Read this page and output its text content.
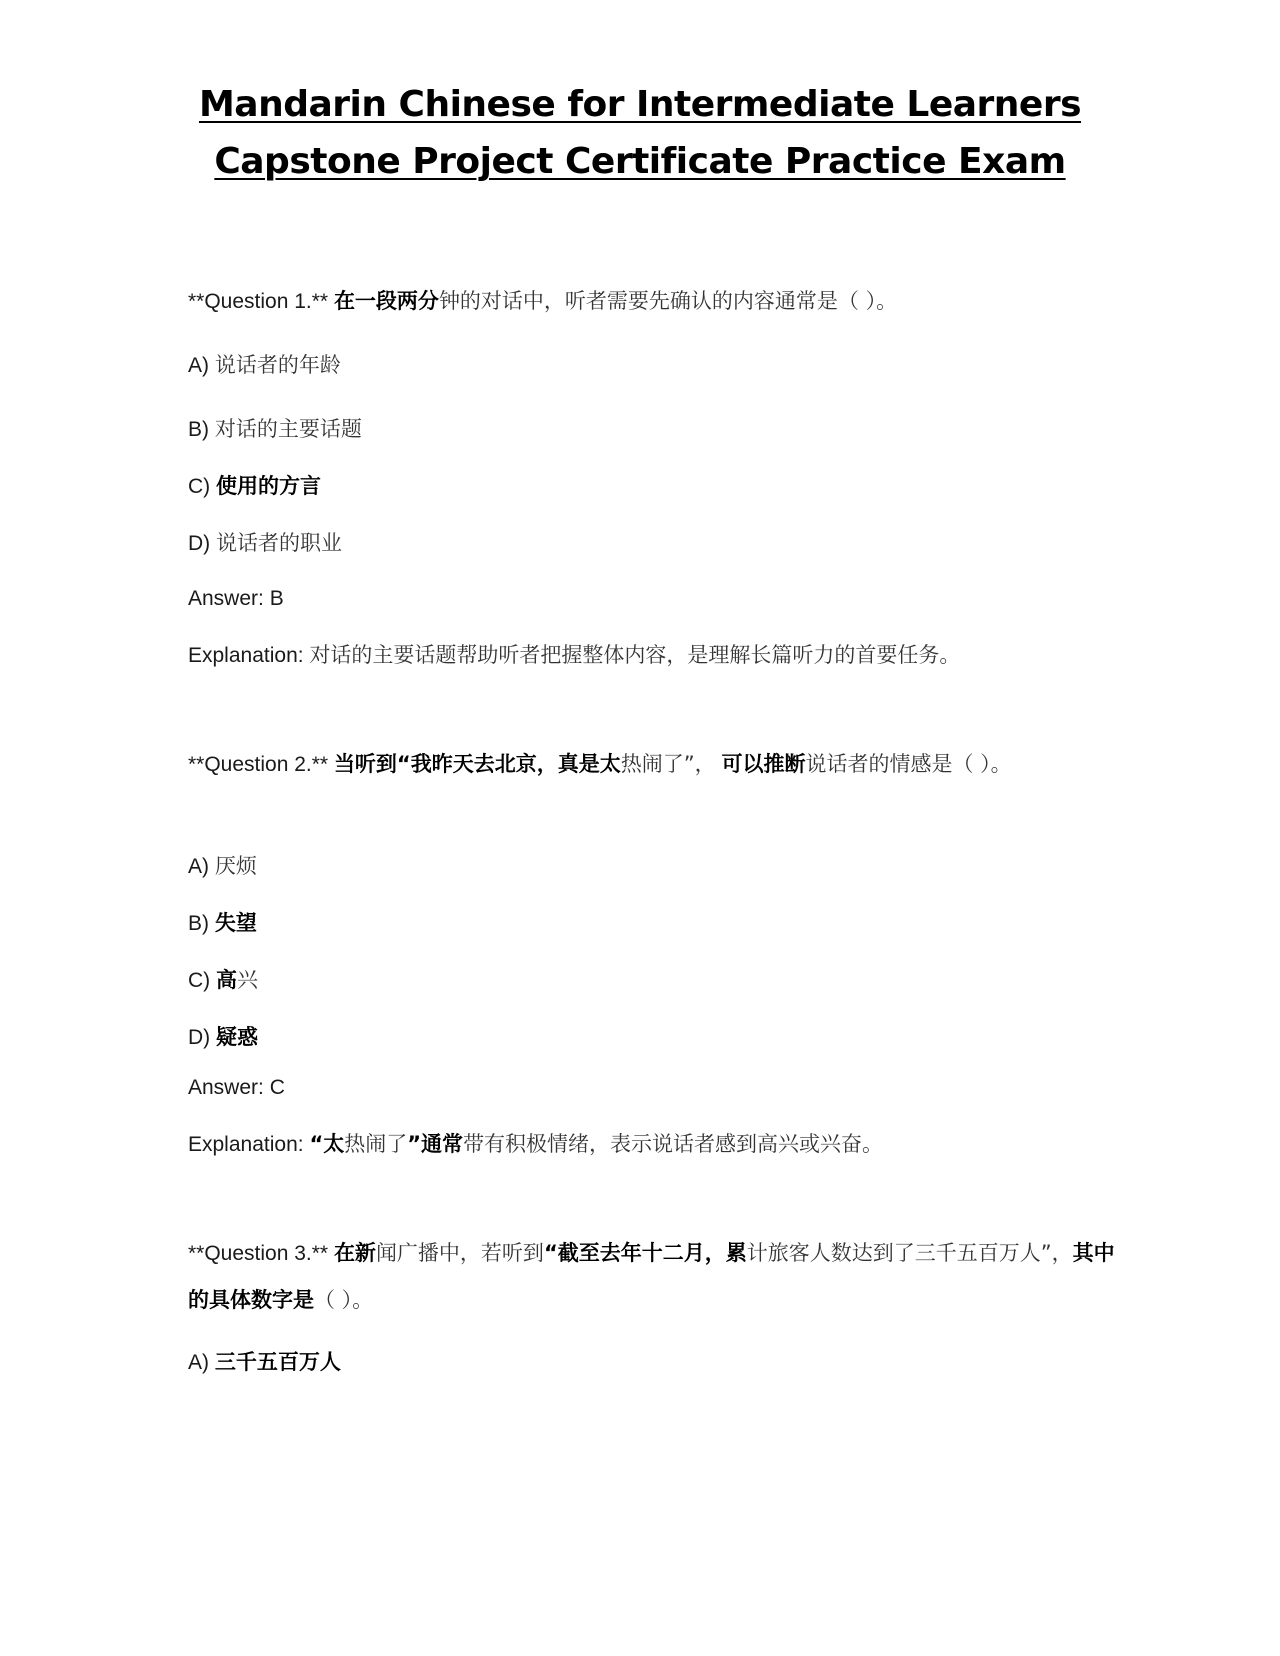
Mandarin Chinese for Intermediate Learners
Capstone Project Certificate Practice Exam
**Question 1.** 在一段两分钟的对话中，听者需要先确认的内容通常是（ ）。
A) 说话者的年龄
B) 对话的主要话题
C) 使用的方言
D) 说话者的职业
Answer: B
Explanation: 对话的主要话题帮助听者把握整体内容，是理解长篇听力的首要任务。
**Question 2.** 当听到“我昨天去北京，真是太热闹了”， 可以推断说话者的情感是（ ）。
A) 厌烦
B) 失望
C) 高兴
D) 疑惑
Answer: C
Explanation: “太热闹了”通常带有积极情绪，表示说话者感到高兴或兴奋。
**Question 3.** 在新闻广播中，若听到“截至去年十二月，累计旅客人数达到了三千五百万人”，其中的具体数字是（ ）。
A) 三千五百万人
